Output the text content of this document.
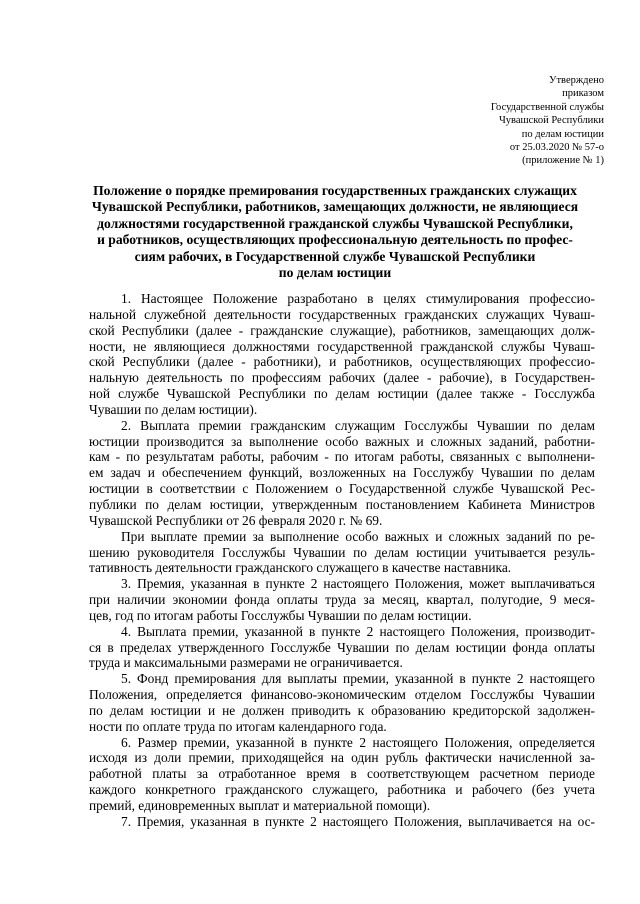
Утверждено
приказом
Государственной службы
Чувашской Республики
по делам юстиции
от 25.03.2020 № 57-о
(приложение № 1)
Положение о порядке премирования государственных гражданских служащих
Чувашской Республики, работников, замещающих должности, не являющиеся
должностями государственной гражданской службы Чувашской Республики,
и работников, осуществляющих профессиональную деятельность по профес-
сиям рабочих, в Государственной службе Чувашской Республики
по делам юстиции
1. Настоящее Положение разработано в целях стимулирования профессио-
нальной служебной деятельности государственных гражданских служащих Чуваш-
ской Республики (далее - гражданские служащие), работников, замещающих долж-
ности, не являющиеся должностями государственной гражданской службы Чуваш-
ской Республики (далее - работники), и работников, осуществляющих профессио-
нальную деятельность по профессиям рабочих (далее - рабочие), в Государствен-
ной службе Чувашской Республики по делам юстиции (далее также - Госслужба
Чувашии по делам юстиции).
2. Выплата премии гражданским служащим Госслужбы Чувашии по делам
юстиции производится за выполнение особо важных и сложных заданий, работни-
кам - по результатам работы, рабочим - по итогам работы, связанных с выполнени-
ем задач и обеспечением функций, возложенных на Госслужбу Чувашии по делам
юстиции в соответствии с Положением о Государственной службе Чувашской Рес-
публики по делам юстиции, утвержденным постановлением Кабинета Министров
Чувашской Республики от 26 февраля 2020 г. № 69.
При выплате премии за выполнение особо важных и сложных заданий по ре-
шению руководителя Госслужбы Чувашии по делам юстиции учитывается резуль-
тативность деятельности гражданского служащего в качестве наставника.
3. Премия, указанная в пункте 2 настоящего Положения, может выплачиваться
при наличии экономии фонда оплаты труда за месяц, квартал, полугодие, 9 меся-
цев, год по итогам работы Госслужбы Чувашии по делам юстиции.
4. Выплата премии, указанной в пункте 2 настоящего Положения, производит-
ся в пределах утвержденного Госслужбе Чувашии по делам юстиции фонда оплаты
труда и максимальными размерами не ограничивается.
5. Фонд премирования для выплаты премии, указанной в пункте 2 настоящего
Положения, определяется финансово-экономическим отделом Госслужбы Чувашии
по делам юстиции и не должен приводить к образованию кредиторской задолжен-
ности по оплате труда по итогам календарного года.
6. Размер премии, указанной в пункте 2 настоящего Положения, определяется
исходя из доли премии, приходящейся на один рубль фактически начисленной за-
работной платы за отработанное время в соответствующем расчетном периоде
каждого конкретного гражданского служащего, работника и рабочего (без учета
премий, единовременных выплат и материальной помощи).
7. Премия, указанная в пункте 2 настоящего Положения, выплачивается на ос-
